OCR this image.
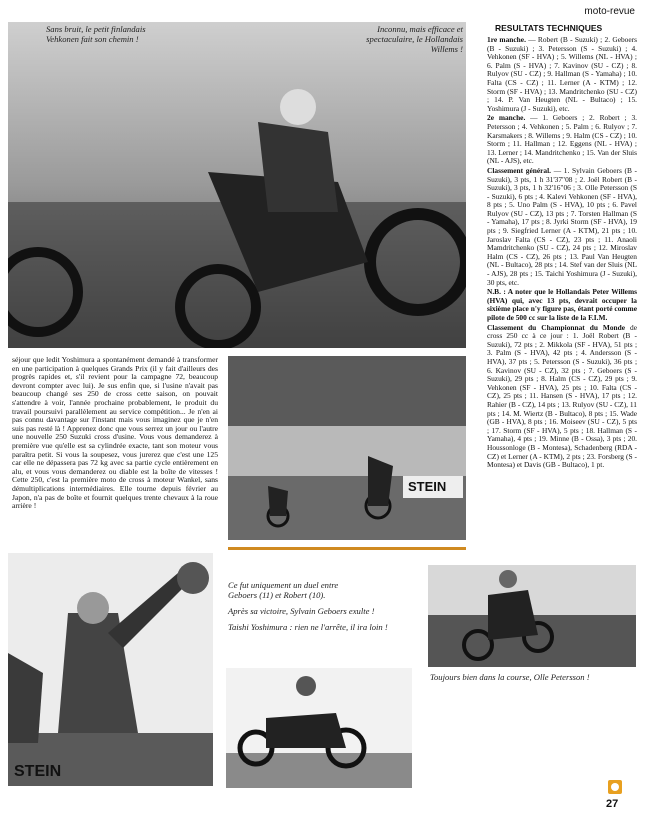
moto-revue
Sans bruit, le petit finlandais Vehkonen fait son chemin !
Inconnu, mais efficace et spectaculaire, le Hollandais Willems !
RESULTATS TECHNIQUES

1re manche. — Robert (B - Suzuki) ; 2. Geboers (B - Suzuki) ; 3. Petersson (S - Suzuki) ; 4. Vehkonen (SF - HVA) ; 5. Willems (NL - HVA) ; 6. Palm (S - HVA) ; 7. Kavinov (SU - CZ) ; 8. Rulyov (SU - CZ) ; 9. Hallman (S - Yamaha) ; 10. Falta (CS - CZ) ; 11. Lerner (A - KTM) ; 12. Storm (SF - HVA) ; 13. Mandritchenko (SU - CZ) ; 14. P. Van Heugten (NL - Bultaco) ; 15. Yoshimura (J - Suzuki), etc.

2e manche. — 1. Geboers ; 2. Robert ; 3. Petersson ; 4. Vehkonen ; 5. Palm ; 6. Rulyov ; 7. Karsmakers ; 8. Willems ; 9. Halm (CS - CZ) ; 10. Storm ; 11. Hallman ; 12. Eggens (NL - HVA) ; 13. Lerner ; 14. Mandritchenko ; 15. Van der Sluis (NL - AJS), etc.

Classement général. — 1. Sylvain Geboers (B - Suzuki), 3 pts, 1 h 31'37"08 ; 2. Joël Robert (B - Suzuki), 3 pts, 1 h 32'16"06 ; 3. Olle Petersson (S - Suzuki), 6 pts ; 4. Kalevi Vehkonen (SF - HVA), 8 pts ; 5. Uno Palm (S - HVA), 10 pts ; 6. Pavel Rulyov (SU - CZ), 13 pts ; 7. Torsten Hallman (S - Yamaha), 17 pts ; 8. Jyrki Storm (SF - HVA), 19 pts ; 9. Siegfried Lerner (A - KTM), 21 pts ; 10. Jaroslav Falta (CS - CZ), 23 pts ; 11. Anaoli Mamdritchenko (SU - CZ), 24 pts ; 12. Miroslav Halm (CS - CZ), 26 pts ; 13. Paul Van Heugten (NL - Bultaco), 28 pts ; 14. Stef van der Sluis (NL - AJS), 28 pts ; 15. Taichi Yoshimura (J - Suzuki), 30 pts, etc.

N.B. : A noter que le Hollandais Peter Willems (HVA) qui, avec 13 pts, devrait occuper la sixième place n'y figure pas, étant porté comme pilote de 500 cc sur la liste de la F.I.M.

Classement du Championnat du Monde de cross 250 cc à ce jour : 1. Joël Robert (B - Suzuki), 72 pts ; 2. Mikkola (SF - HVA), 51 pts ; 3. Palm (S - HVA), 42 pts ; 4. Andersson (S - HVA), 37 pts ; 5. Petersson (S - Suzuki), 36 pts ; 6. Kavinov (SU - CZ), 32 pts ; 7. Geboers (S - Suzuki), 29 pts ; 8. Halm (CS - CZ), 29 pts ; 9. Vehkonen (SF - HVA), 25 pts ; 10. Falta (CS - CZ), 25 pts ; 11. Hansen (S - HVA), 17 pts ; 12. Rahier (B - CZ), 14 pts ; 13. Rulyov (SU - CZ), 11 pts ; 14. M. Wiertz (B - Bultaco), 8 pts ; 15. Wade (GB - HVA), 8 pts ; 16. Moiseev (SU - CZ), 5 pts ; 17. Storm (SF - HVA), 5 pts ; 18. Hallman (S - Yamaha), 4 pts ; 19. Minne (B - Ossa), 3 pts ; 20. Houssonloge (B - Montesa), Schadenberg (RDA - CZ) et Lerner (A - KTM), 2 pts ; 23. Forsberg (S - Montesa) et Davis (GB - Bultaco), 1 pt.

séjour que ledit Yoshimura a spontanément demandé à transformer en une participation à quelques Grands Prix (il y fait d'ailleurs des progrès rapides et, s'il revient pour la campagne 72, beaucoup devront compter avec lui). Je sus enfin que, si l'usine n'avait pas beaucoup changé ses 250 de cross cette saison, on pouvait s'attendre à voir, l'année prochaine probablement, le produit du travail poursuivi parallèlement au service compétition... Je n'en ai pas connu davantage sur l'instant mais vous imaginez que je n'en suis pas resté là ! Apprenez donc que vous serrez un jour ou l'autre une nouvelle 250 Suzuki cross d'usine. Vous vous demanderez à première vue qu'elle est sa cylindrée exacte, tant son moteur vous paraîtra petit. Si vous la soupesez, vous jurerez que c'est une 125 car elle ne dépassera pas 72 kg avec sa partie cycle entièrement en alu, et vous vous demanderez ou diable est la boîte de vitesses ! Cette 250, c'est la première moto de cross à moteur Wankel, sans démultiplications intermédiaires. Elle tourne depuis février au Japon, n'a pas de boîte et fournit quelques trente chevaux à la roue arrière !
STEIN
STEIN
Ce fut uniquement un duel entre
Geboers (11) et Robert (10).
Après sa victoire, Sylvain Geboers exulte !
Taishi Yoshimura : rien ne l'arrête, il ira loin !
Toujours bien dans la course, Olle Petersson !
27
